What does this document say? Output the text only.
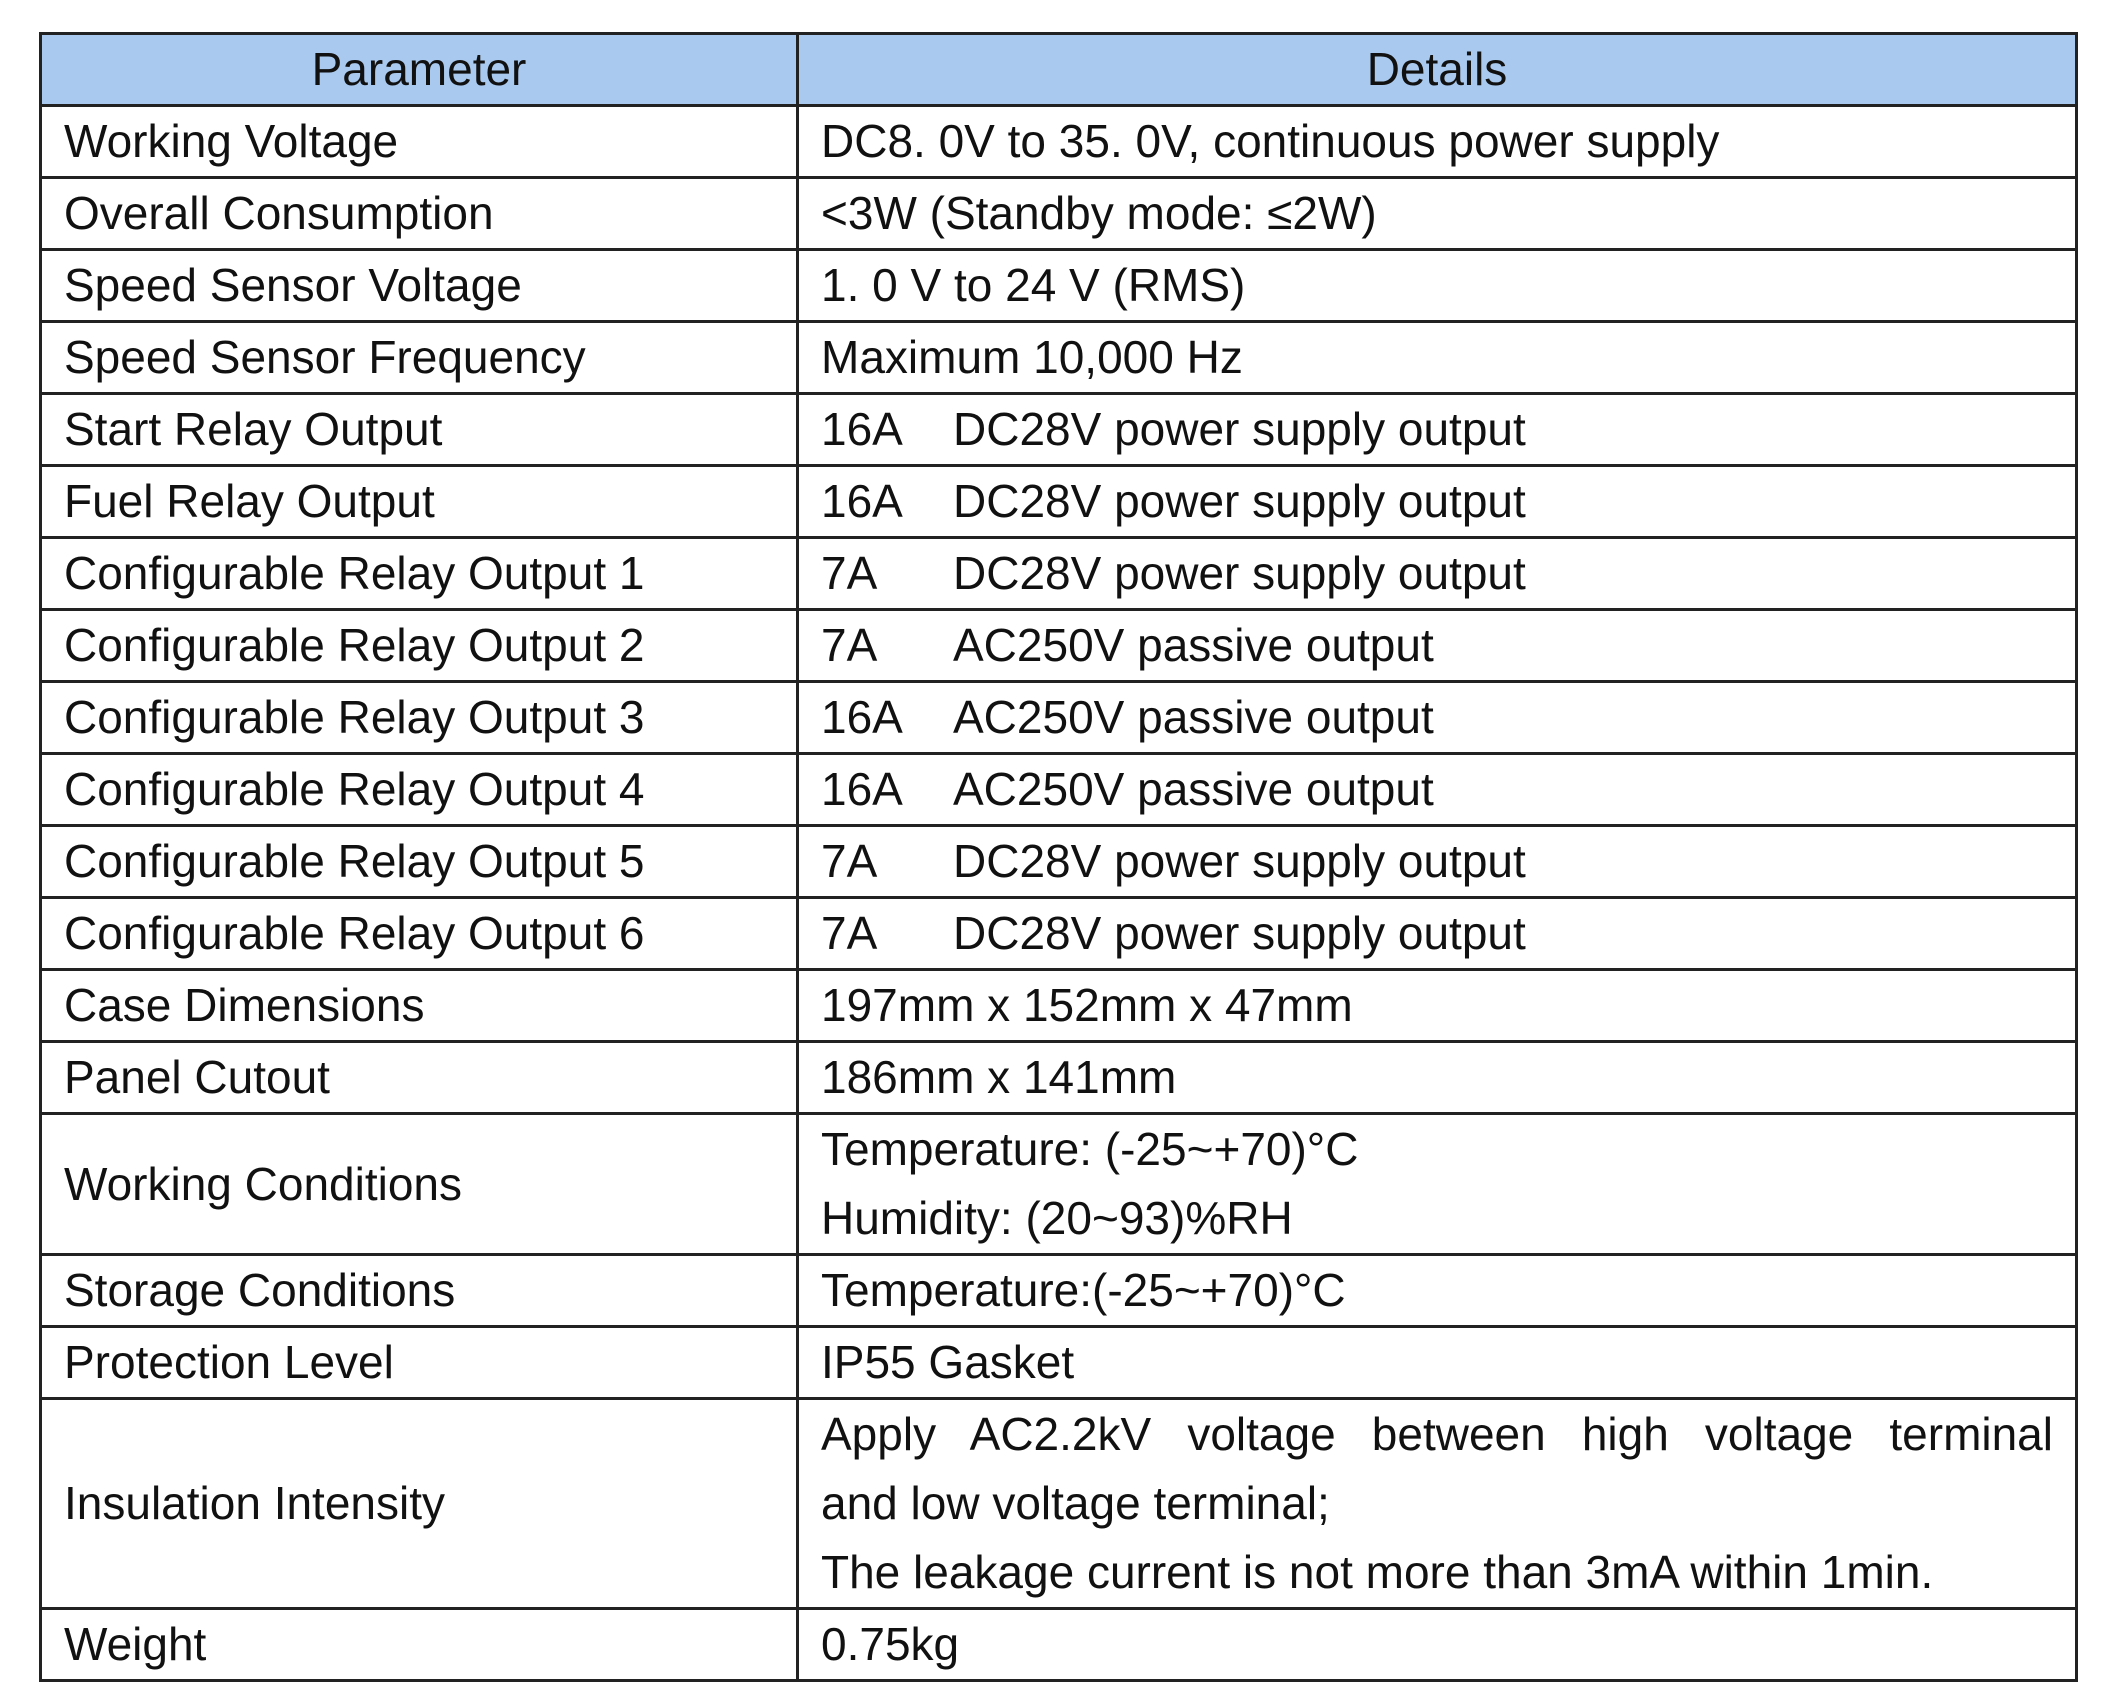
Parameter	Details
Working Voltage	DC8. 0V to 35. 0V, continuous power supply

Overall Consumption	<3W (Standby mode: ≤2W)

Speed Sensor Voltage	1. 0 V to 24 V (RMS)

Speed Sensor Frequency	Maximum 10,000 Hz

Start Relay Output	16A DC28V power supply output

Fuel Relay Output	16A DC28V power supply output

Configurable Relay Output 1	7A DC28V power supply output

Configurable Relay Output 2	7A AC250V passive output

Configurable Relay Output 3	16A AC250V passive output

Configurable Relay Output 4	16A AC250V passive output

Configurable Relay Output 5	7A DC28V power supply output

Configurable Relay Output 6	7A DC28V power supply output

Case Dimensions	197mm x 152mm x 47mm

Panel Cutout	186mm x 141mm

Working Conditions	Temperature: (-25~+70)°C
Humidity: (20~93)%RH

Storage Conditions	Temperature:(-25~+70)°C

Protection Level	IP55 Gasket

Insulation Intensity	Apply AC2.2kV voltage between high voltage terminal
and low voltage terminal;
The leakage current is not more than 3mA within 1min.

Weight	0.75kg
